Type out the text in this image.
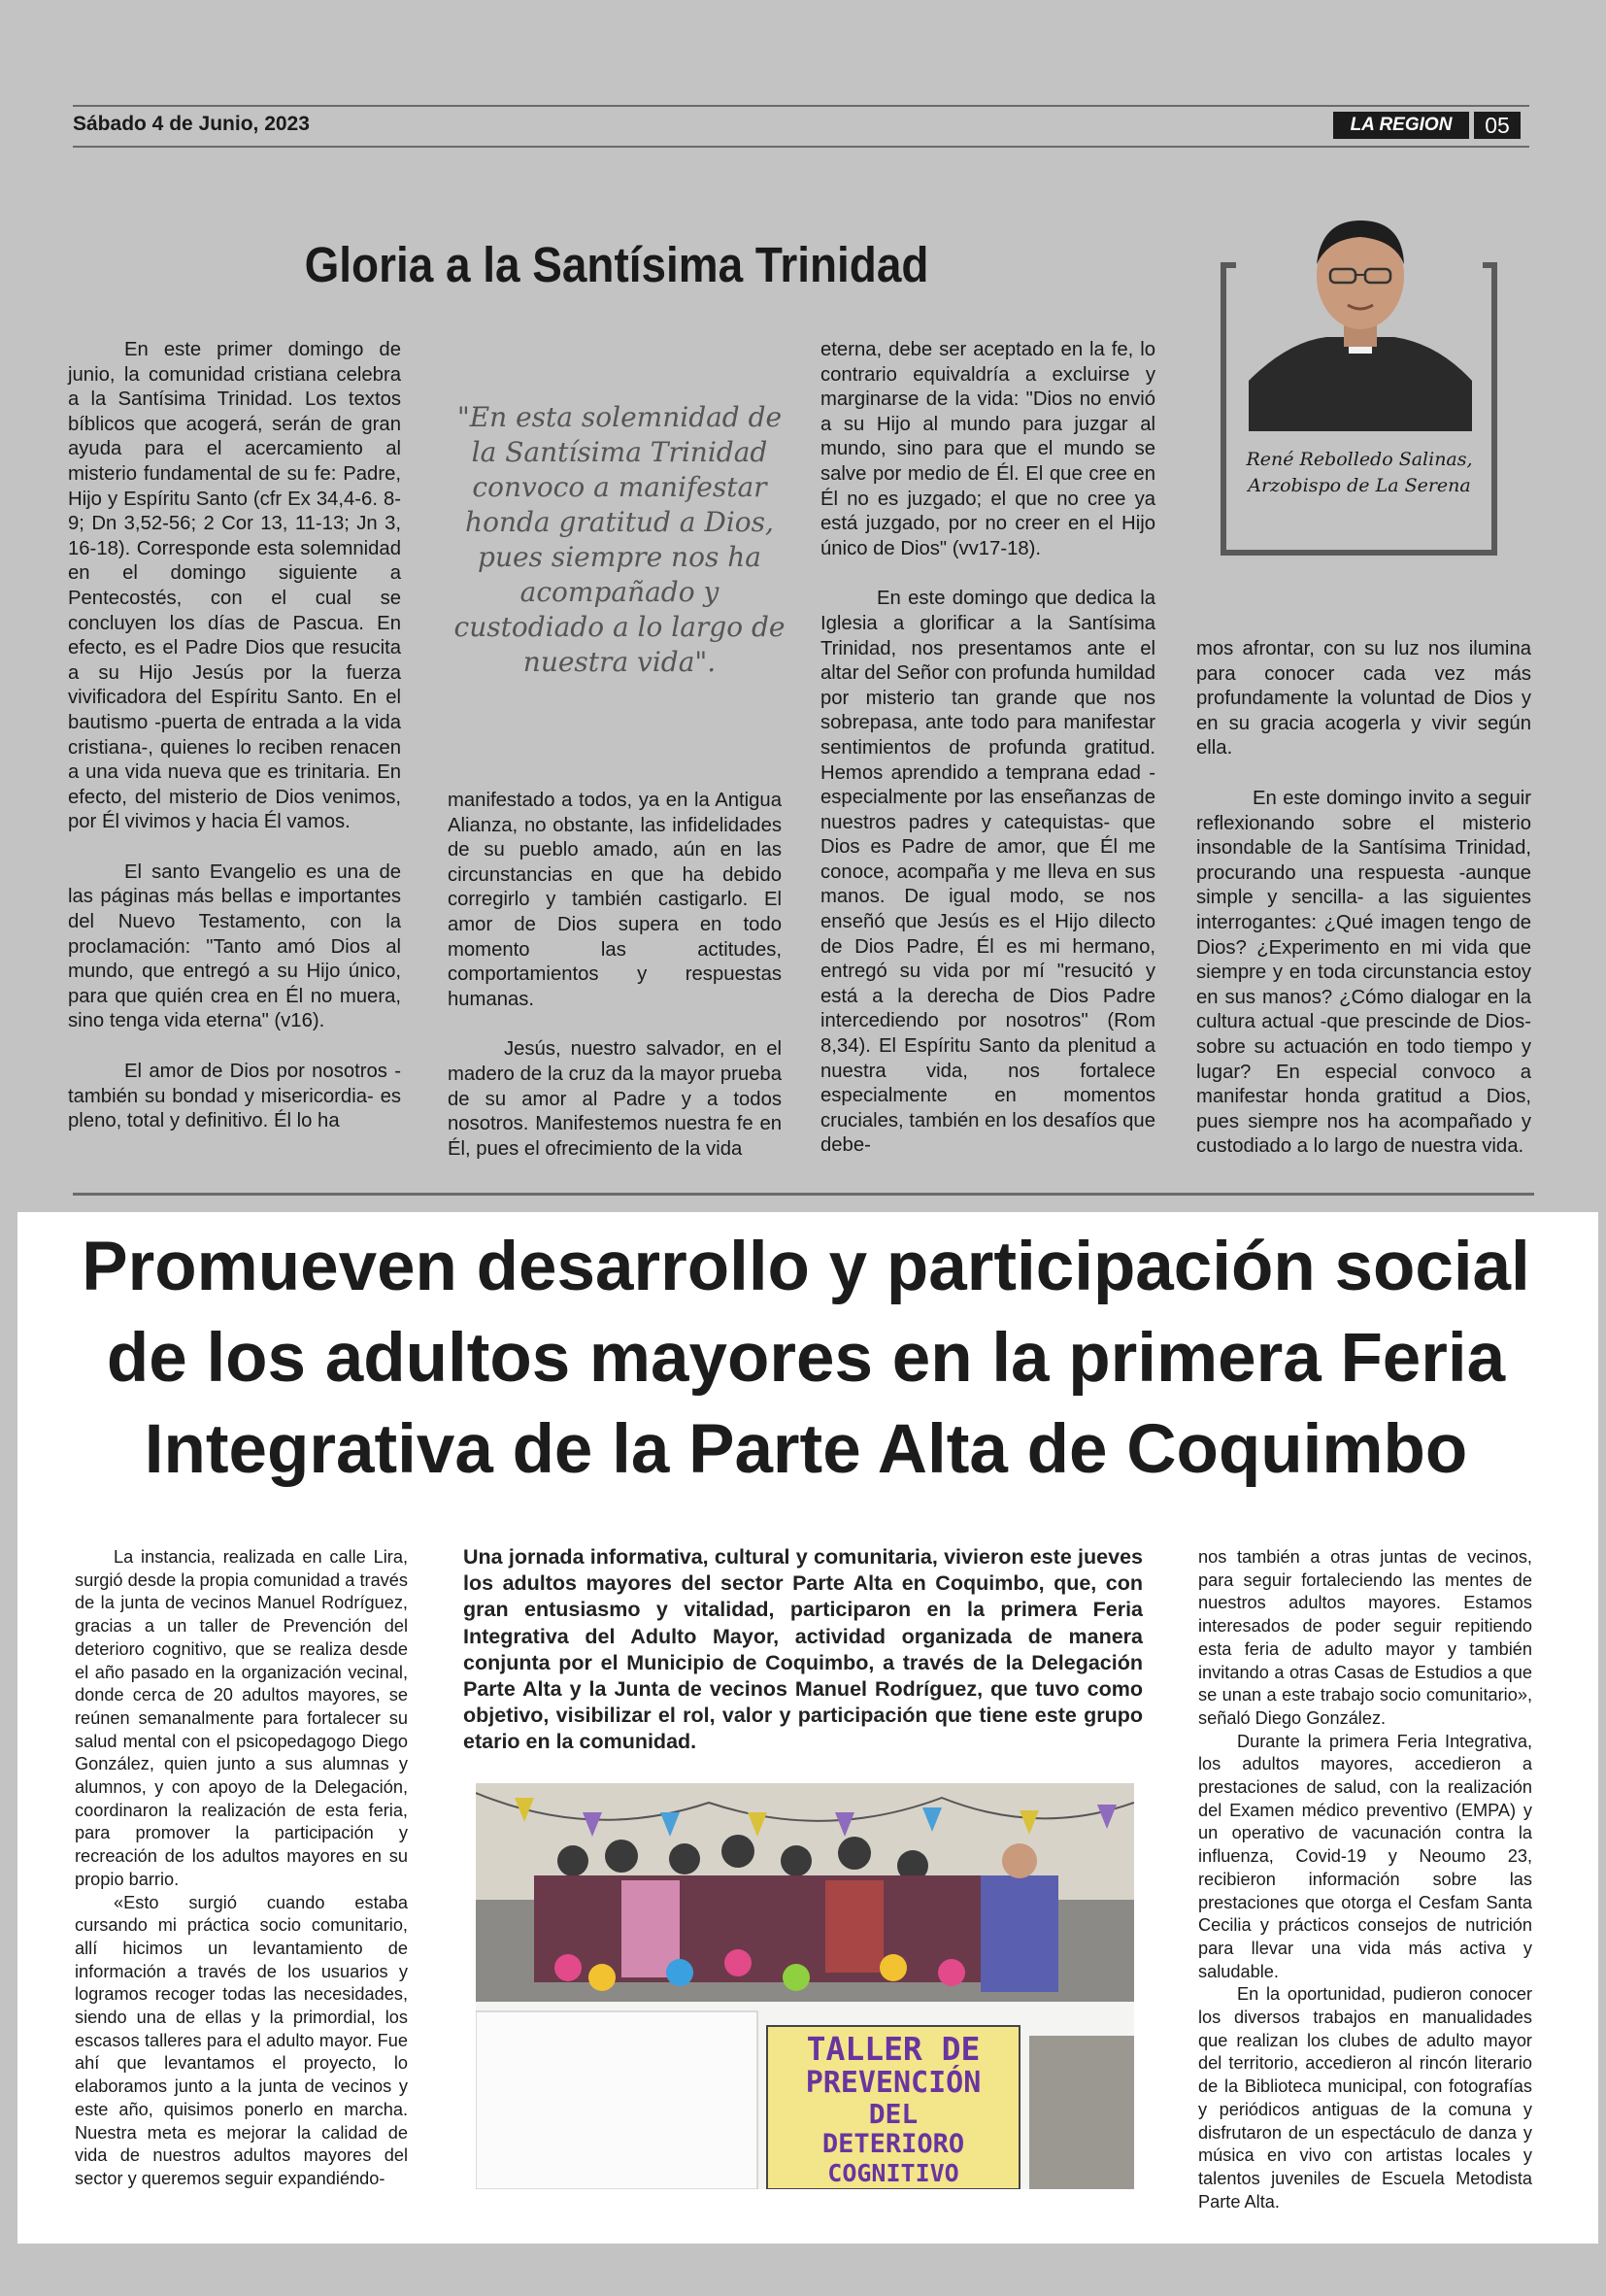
Sábado 4 de Junio, 2023	LA REGION	05
Gloria a la Santísima Trinidad

En este primer domingo de junio, la comunidad cristiana celebra a la Santísima Trinidad. Los textos bíblicos que acogerá, serán de gran ayuda para el acercamiento al misterio fundamental de su fe: Padre, Hijo y Espíritu Santo (cfr Ex 34,4-6. 8-9; Dn 3,52-56; 2 Cor 13, 11-13; Jn 3, 16-18). Corresponde esta solemnidad en el domingo siguiente a Pentecostés, con el cual se concluyen los días de Pascua. En efecto, es el Padre Dios que resucita a su Hijo Jesús por la fuerza vivificadora del Espíritu Santo. En el bautismo -puerta de entrada a la vida cristiana-, quienes lo reciben renacen a una vida nueva que es trinitaria. En efecto, del misterio de Dios venimos, por Él vivimos y hacia Él vamos.

El santo Evangelio es una de las páginas más bellas e importantes del Nuevo Testamento, con la proclamación: "Tanto amó Dios al mundo, que entregó a su Hijo único, para que quién crea en Él no muera, sino tenga vida eterna" (v16).

El amor de Dios por nosotros -también su bondad y misericordia- es pleno, total y definitivo. Él lo ha

"En esta solemnidad de la Santísima Trinidad convoco a manifestar honda gratitud a Dios, pues siempre nos ha acompañado y custodiado a lo largo de nuestra vida".

manifestado a todos, ya en la Antigua Alianza, no obstante, las infidelidades de su pueblo amado, aún en las circunstancias en que ha debido corregirlo y también castigarlo. El amor de Dios supera en todo momento las actitudes, comportamientos y respuestas humanas.

Jesús, nuestro salvador, en el madero de la cruz da la mayor prueba de su amor al Padre y a todos nosotros. Manifestemos nuestra fe en Él, pues el ofrecimiento de la vida

eterna, debe ser aceptado en la fe, lo contrario equivaldría a excluirse y marginarse de la vida: "Dios no envió a su Hijo al mundo para juzgar al mundo, sino para que el mundo se salve por medio de Él. El que cree en Él no es juzgado; el que no cree ya está juzgado, por no creer en el Hijo único de Dios" (vv17-18).

En este domingo que dedica la Iglesia a glorificar a la Santísima Trinidad, nos presentamos ante el altar del Señor con profunda humildad por misterio tan grande que nos sobrepasa, ante todo para manifestar sentimientos de profunda gratitud. Hemos aprendido a temprana edad -especialmente por las enseñanzas de nuestros padres y catequistas- que Dios es Padre de amor, que Él me conoce, acompaña y me lleva en sus manos. De igual modo, se nos enseñó que Jesús es el Hijo dilecto de Dios Padre, Él es mi hermano, entregó su vida por mí "resucitó y está a la derecha de Dios Padre intercediendo por nosotros" (Rom 8,34). El Espíritu Santo da plenitud a nuestra vida, nos fortalece especialmente en momentos cruciales, también en los desafíos que debe-

René Rebolledo Salinas, Arzobispo de La Serena

mos afrontar, con su luz nos ilumina para conocer cada vez más profundamente la voluntad de Dios y en su gracia acogerla y vivir según ella.

En este domingo invito a seguir reflexionando sobre el misterio insondable de la Santísima Trinidad, procurando una respuesta -aunque simple y sencilla- a las siguientes interrogantes: ¿Qué imagen tengo de Dios? ¿Experimento en mi vida que siempre y en toda circunstancia estoy en sus manos? ¿Cómo dialogar en la cultura actual -que prescinde de Dios- sobre su actuación en todo tiempo y lugar? En especial convoco a manifestar honda gratitud a Dios, pues siempre nos ha acompañado y custodiado a lo largo de nuestra vida.

Promueven desarrollo y participación social de los adultos mayores en la primera Feria Integrativa de la Parte Alta de Coquimbo

La instancia, realizada en calle Lira, surgió desde la propia comunidad a través de la junta de vecinos Manuel Rodríguez, gracias a un taller de Prevención del deterioro cognitivo, que se realiza desde el año pasado en la organización vecinal, donde cerca de 20 adultos mayores, se reúnen semanalmente para fortalecer su salud mental con el psicopedagogo Diego González, quien junto a sus alumnas y alumnos, y con apoyo de la Delegación, coordinaron la realización de esta feria, para promover la participación y recreación de los adultos mayores en su propio barrio.

«Esto surgió cuando estaba cursando mi práctica socio comunitario, allí hicimos un levantamiento de información a través de los usuarios y logramos recoger todas las necesidades, siendo una de ellas y la primordial, los escasos talleres para el adulto mayor. Fue ahí que levantamos el proyecto, lo elaboramos junto a la junta de vecinos y este año, quisimos ponerlo en marcha. Nuestra meta es mejorar la calidad de vida de nuestros adultos mayores del sector y queremos seguir expandiéndo-

Una jornada informativa, cultural y comunitaria, vivieron este jueves los adultos mayores del sector Parte Alta en Coquimbo, que, con gran entusiasmo y vitalidad, participaron en la primera Feria Integrativa del Adulto Mayor, actividad organizada de manera conjunta por el Municipio de Coquimbo, a través de la Delegación Parte Alta y la Junta de vecinos Manuel Rodríguez, que tuvo como objetivo, visibilizar el rol, valor y participación que tiene este grupo etario en la comunidad.
TALLER DE
PREVENCIÓN
DEL
DETERIORO
COGNITIVO

nos también a otras juntas de vecinos, para seguir fortaleciendo las mentes de nuestros adultos mayores. Estamos interesados de poder seguir repitiendo esta feria de adulto mayor y también invitando a otras Casas de Estudios a que se unan a este trabajo socio comunitario», señaló Diego González.

Durante la primera Feria Integrativa, los adultos mayores, accedieron a prestaciones de salud, con la realización del Examen médico preventivo (EMPA) y un operativo de vacunación contra la influenza, Covid-19 y Neoumo 23, recibieron información sobre las prestaciones que otorga el Cesfam Santa Cecilia y prácticos consejos de nutrición para llevar una vida más activa y saludable.

En la oportunidad, pudieron conocer los diversos trabajos en manualidades que realizan los clubes de adulto mayor del territorio, accedieron al rincón literario de la Biblioteca municipal, con fotografías y periódicos antiguas de la comuna y disfrutaron de un espectáculo de danza y música en vivo con artistas locales y talentos juveniles de Escuela Metodista Parte Alta.
